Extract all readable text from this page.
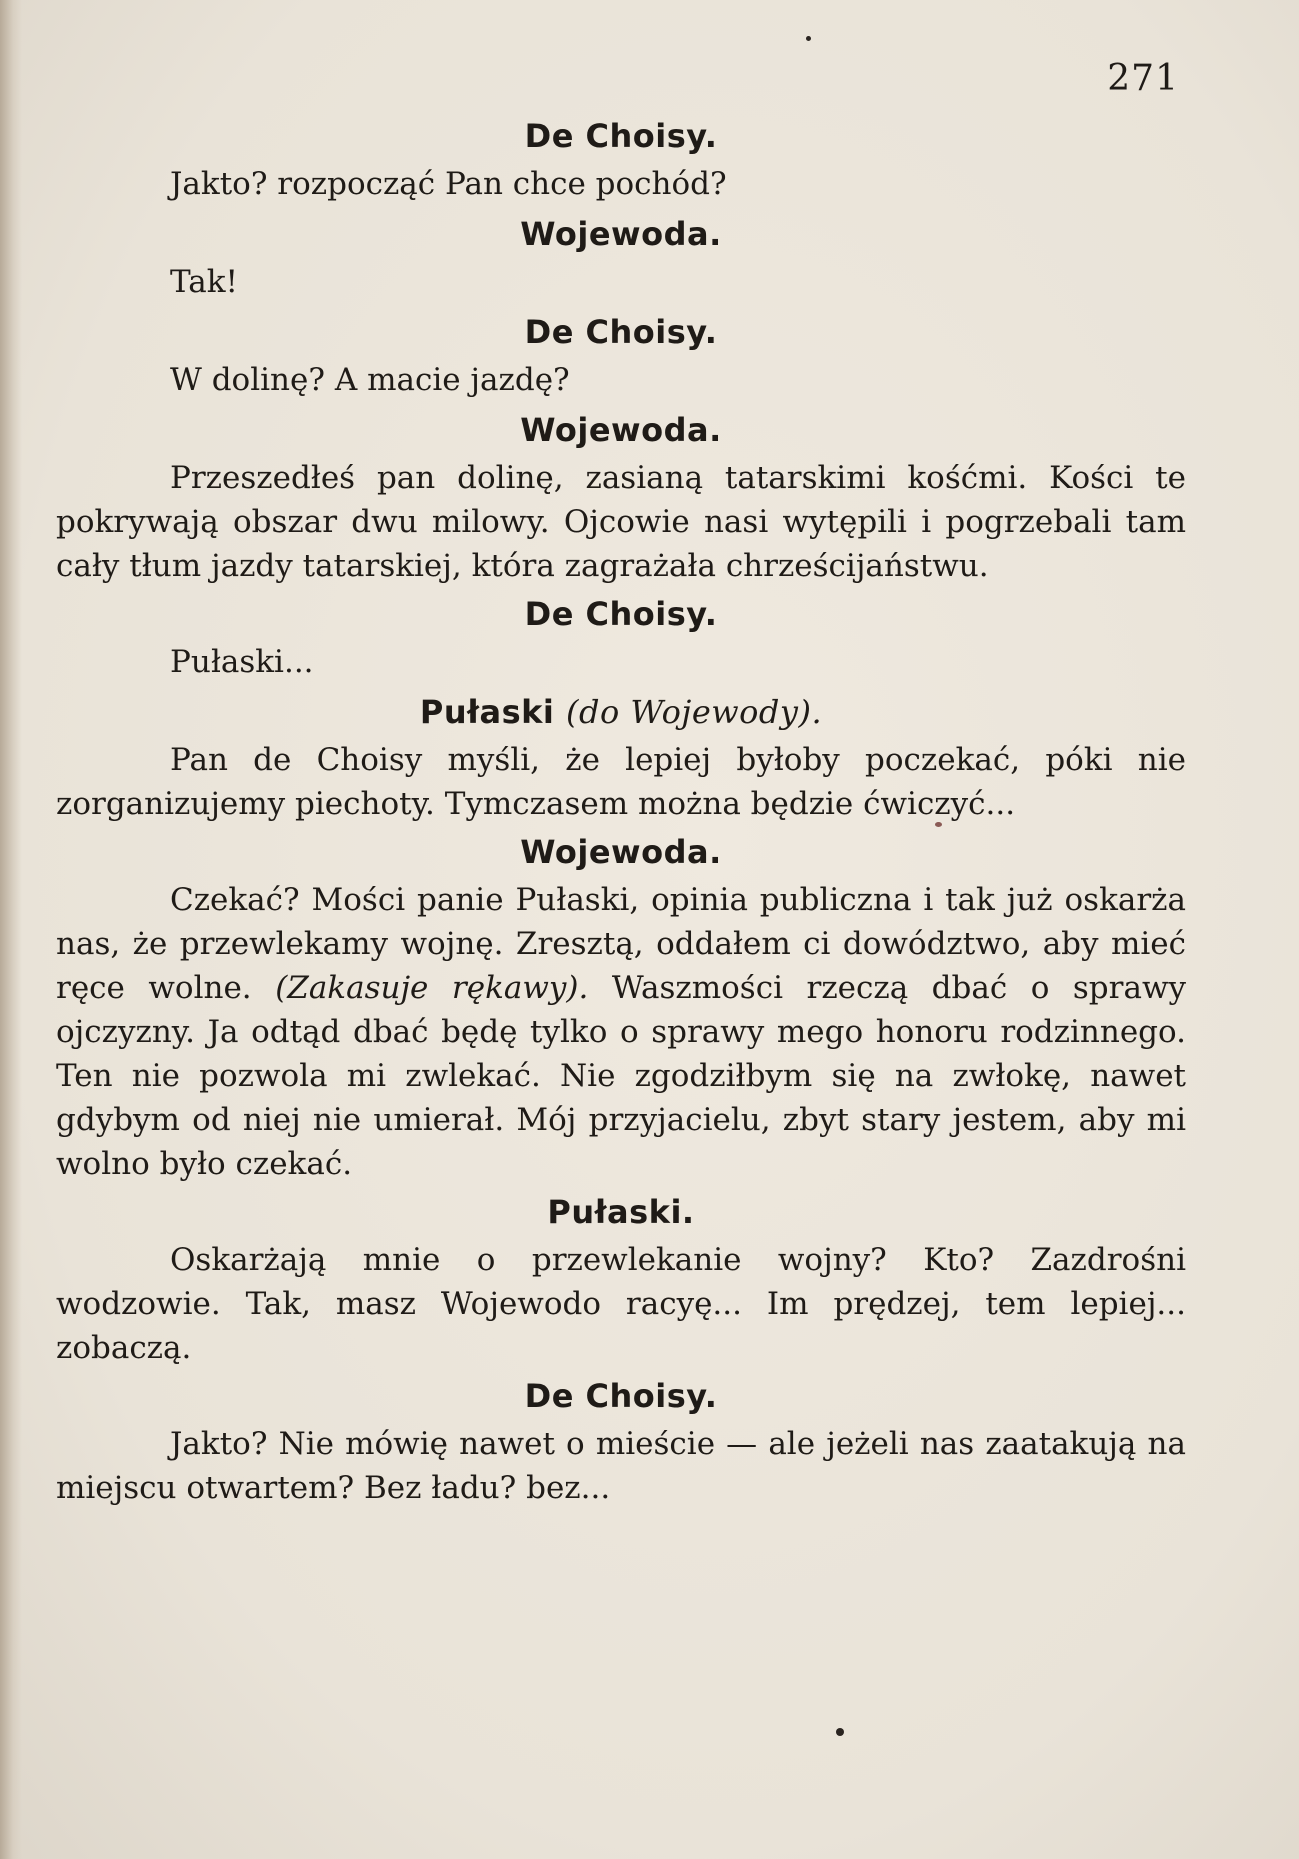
271
De Choisy.

Jakto? rozpocząć Pan chce pochód?

Wojewoda.

Tak!

De Choisy.

W dolinę? A macie jazdę?

Wojewoda.

Przeszedłeś pan dolinę, zasianą tatarskimi kośćmi. Kości te pokrywają obszar dwu milowy. Ojcowie nasi wytępili i pogrzebali tam cały tłum jazdy tatarskiej, która zagrażała chrześcijaństwu.

De Choisy.

Pułaski...

Pułaski (do Wojewody).

Pan de Choisy myśli, że lepiej byłoby poczekać, póki nie zorganizujemy piechoty. Tymczasem można będzie ćwiczyć...

Wojewoda.

Czekać? Mości panie Pułaski, opinia publiczna i tak już oskarża nas, że przewlekamy wojnę. Zresztą, oddałem ci dowództwo, aby mieć ręce wolne. (Zakasuje rękawy). Waszmości rzeczą dbać o sprawy ojczyzny. Ja odtąd dbać będę tylko o sprawy mego honoru rodzinnego. Ten nie pozwola mi zwlekać. Nie zgodziłbym się na zwłokę, nawet gdybym od niej nie umierał. Mój przyjacielu, zbyt stary jestem, aby mi wolno było czekać.

Pułaski.

Oskarżają mnie o przewlekanie wojny? Kto? Zazdrośni wodzowie. Tak, masz Wojewodo racyę... Im prędzej, tem lepiej... zobaczą.

De Choisy.

Jakto? Nie mówię nawet o mieście — ale jeżeli nas zaatakują na miejscu otwartem? Bez ładu? bez...
